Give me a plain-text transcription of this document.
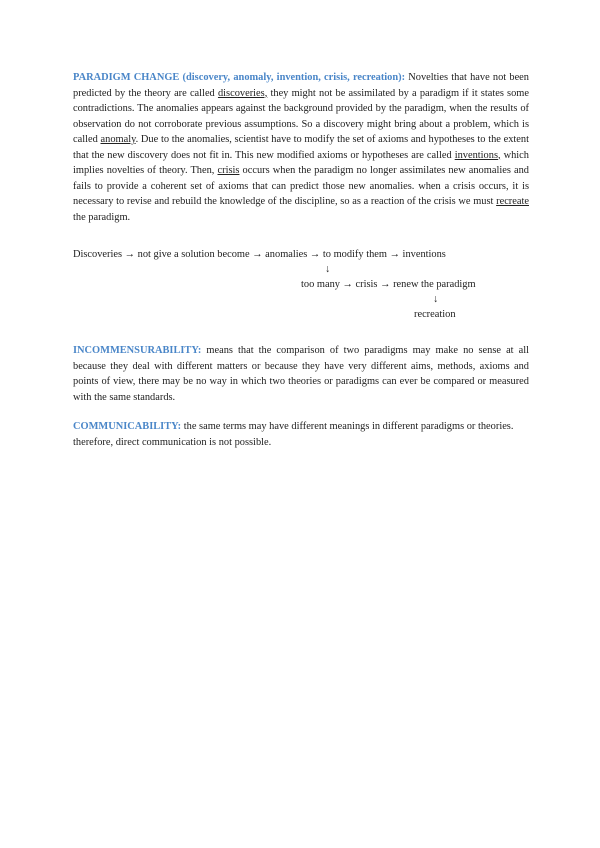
PARADIGM CHANGE (discovery, anomaly, invention, crisis, recreation): Novelties that have not been predicted by the theory are called discoveries, they might not be assimilated by a paradigm if it states some contradictions. The anomalies appears against the background provided by the paradigm, when the results of observation do not corroborate previous assumptions. So a discovery might bring about a problem, which is called anomaly. Due to the anomalies, scientist have to modify the set of axioms and hypotheses to the extent that the new discovery does not fit in. This new modified axioms or hypotheses are called inventions, which implies novelties of theory. Then, crisis occurs when the paradigm no longer assimilates new anomalies and fails to provide a coherent set of axioms that can predict those new anomalies. when a crisis occurs, it is necessary to revise and rebuild the knowledge of the discipline, so as a reaction of the crisis we must recreate the paradigm.

Discoveries → not give a solution become → anomalies → to modify them → inventions
↓
too many → crisis → renew the paradigm
↓
recreation

INCOMMENSURABILITY: means that the comparison of two paradigms may make no sense at all because they deal with different matters or because they have very different aims, methods, axioms and points of view, there may be no way in which two theories or paradigms can ever be compared or measured with the same standards.

COMMUNICABILITY: the same terms may have different meanings in different paradigms or theories. therefore, direct communication is not possible.
